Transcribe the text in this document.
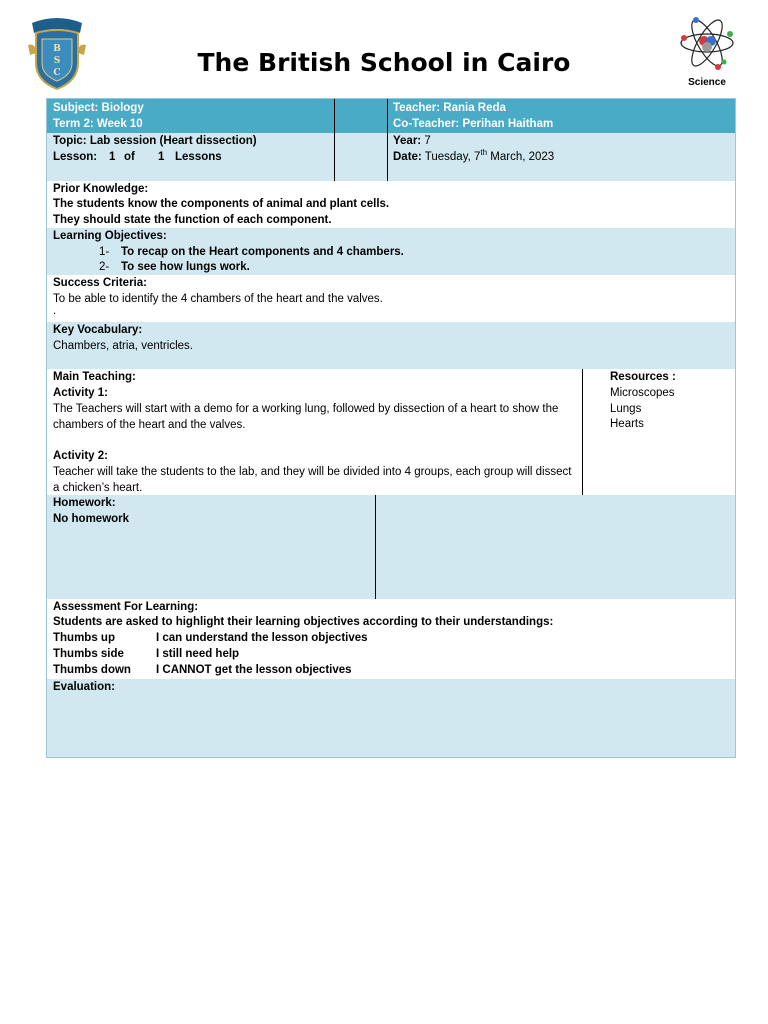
B
S
C	The British School in Cairo
Science
Subject: Biology
Term 2: Week 10
Teacher: Rania Reda
Co-Teacher: Perihan Haitham
Topic: Lab session (Heart dissection)
Lesson: 1 of 1 Lessons
Year: 7
Date: Tuesday, 7th March, 2023
Prior Knowledge:
The students know the components of animal and plant cells.
They should state the function of each component.
Learning Objectives:
1- To recap on the Heart components and 4 chambers.
2- To see how lungs work.
Success Criteria:
To be able to identify the 4 chambers of the heart and the valves.
.
Key Vocabulary:
Chambers, atria, ventricles.
Main Teaching:
Activity 1:
The Teachers will start with a demo for a working lung, followed by dissection of a heart to show the chambers of the heart and the valves.
Activity 2:
Teacher will take the students to the lab, and they will be divided into 4 groups, each group will dissect a chicken’s heart.
Resources :
Microscopes
Lungs
Hearts
Homework:
No homework
Assessment For Learning:
Students are asked to highlight their learning objectives according to their understandings:
Thumbs up	I can understand the lesson objectives
Thumbs side	I still need help
Thumbs down I CANNOT get the lesson objectives
Evaluation:
